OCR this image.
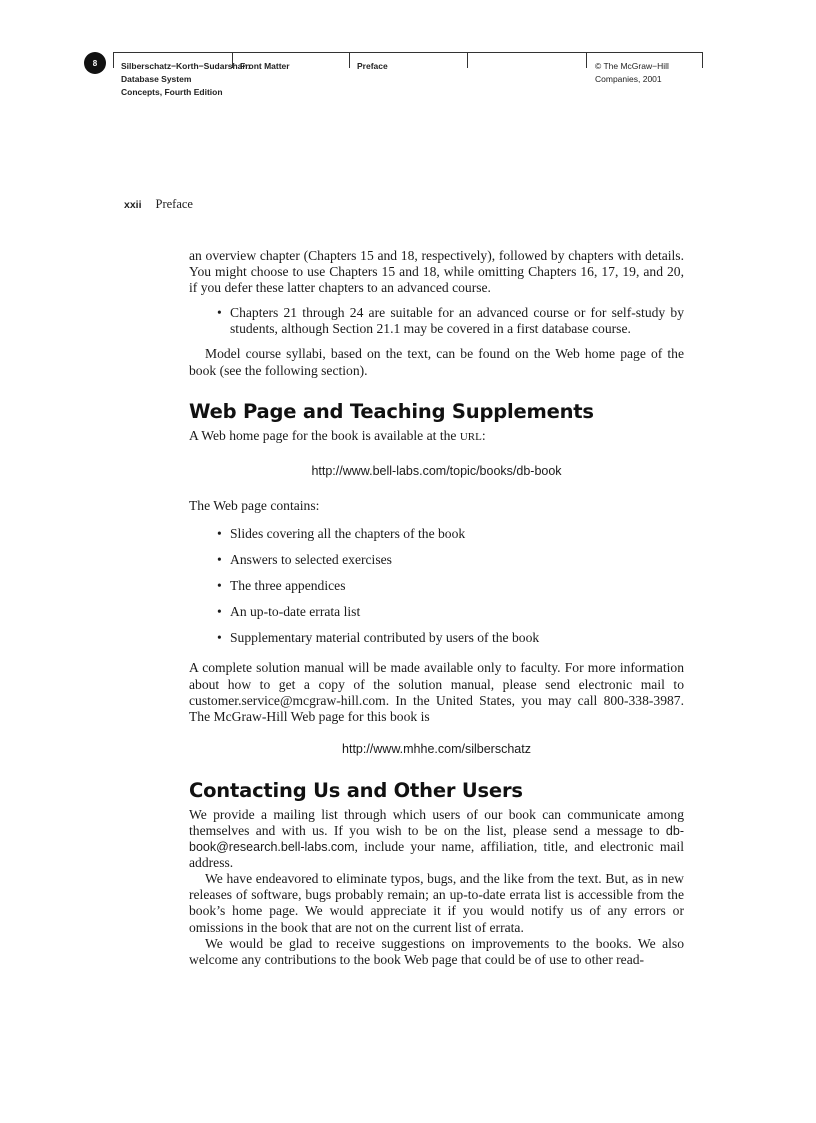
8	Silberschatz−Korth−Sudarshan:
Database System
Concepts, Fourth Edition
Front Matter	Preface	© The McGraw−Hill
Companies, 2001
xxii Preface

an overview chapter (Chapters 15 and 18, respectively), followed by chapters with details. You might choose to use Chapters 15 and 18, while omitting Chapters 16, 17, 19, and 20, if you defer these latter chapters to an advanced course.

• Chapters 21 through 24 are suitable for an advanced course or for self-study by students, although Section 21.1 may be covered in a first database course.

Model course syllabi, based on the text, can be found on the Web home page of the book (see the following section).

Web Page and Teaching Supplements

A Web home page for the book is available at the URL:

http://www.bell-labs.com/topic/books/db-book

The Web page contains:

• Slides covering all the chapters of the book

• Answers to selected exercises

• The three appendices

• An up-to-date errata list

• Supplementary material contributed by users of the book

A complete solution manual will be made available only to faculty. For more information about how to get a copy of the solution manual, please send electronic mail to customer.service@mcgraw-hill.com. In the United States, you may call 800-338-3987. The McGraw-Hill Web page for this book is

http://www.mhhe.com/silberschatz

Contacting Us and Other Users

We provide a mailing list through which users of our book can communicate among themselves and with us. If you wish to be on the list, please send a message to db-book@research.bell-labs.com, include your name, affiliation, title, and electronic mail address.

We have endeavored to eliminate typos, bugs, and the like from the text. But, as in new releases of software, bugs probably remain; an up-to-date errata list is accessible from the book’s home page. We would appreciate it if you would notify us of any errors or omissions in the book that are not on the current list of errata.

We would be glad to receive suggestions on improvements to the books. We also welcome any contributions to the book Web page that could be of use to other read-
